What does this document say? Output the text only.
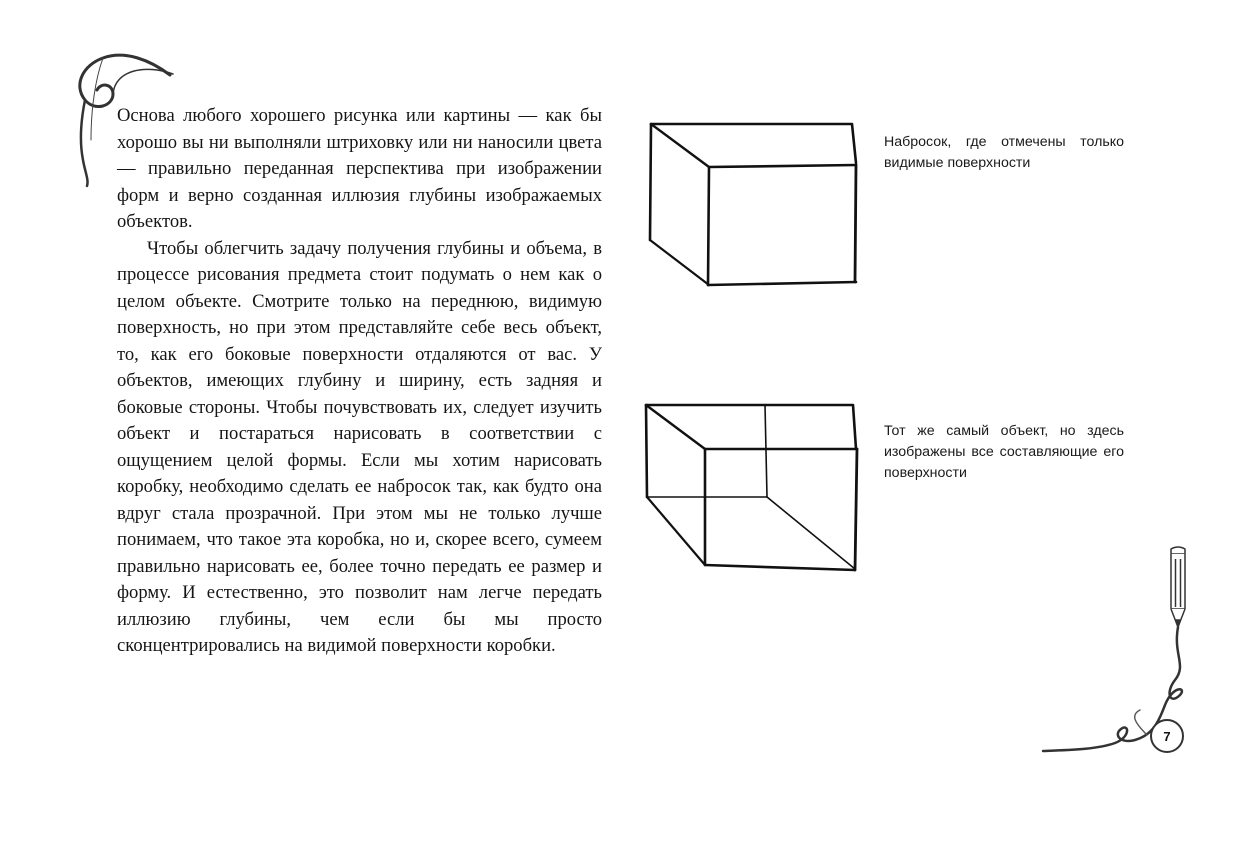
Основа любого хорошего рисунка или картины — как бы хорошо вы ни выполняли штриховку или ни наносили цвета — правильно переданная перспектива при изображении форм и верно созданная иллюзия глубины изображаемых объектов.

Чтобы облегчить задачу получения глубины и объема, в процессе рисования предмета стоит подумать о нем как о целом объекте. Смотрите только на переднюю, видимую поверхность, но при этом представляйте себе весь объект, то, как его боковые поверхности отдаляются от вас. У объектов, имеющих глубину и ширину, есть задняя и боковые стороны. Чтобы почувствовать их, следует изучить объект и постараться нарисовать в соответствии с ощущением целой формы. Если мы хотим нарисовать коробку, необходимо сделать ее набросок так, как будто она вдруг стала прозрачной. При этом мы не только лучше понимаем, что такое эта коробка, но и, скорее всего, сумеем правильно нарисовать ее, более точно передать ее размер и форму. И естественно, это позволит нам легче передать иллюзию глубины, чем если бы мы просто сконцентрировались на видимой поверхности коробки.

Набросок, где отмечены только видимые поверхности
Тот же самый объект, но здесь изображены все составляющие его поверхности
7
